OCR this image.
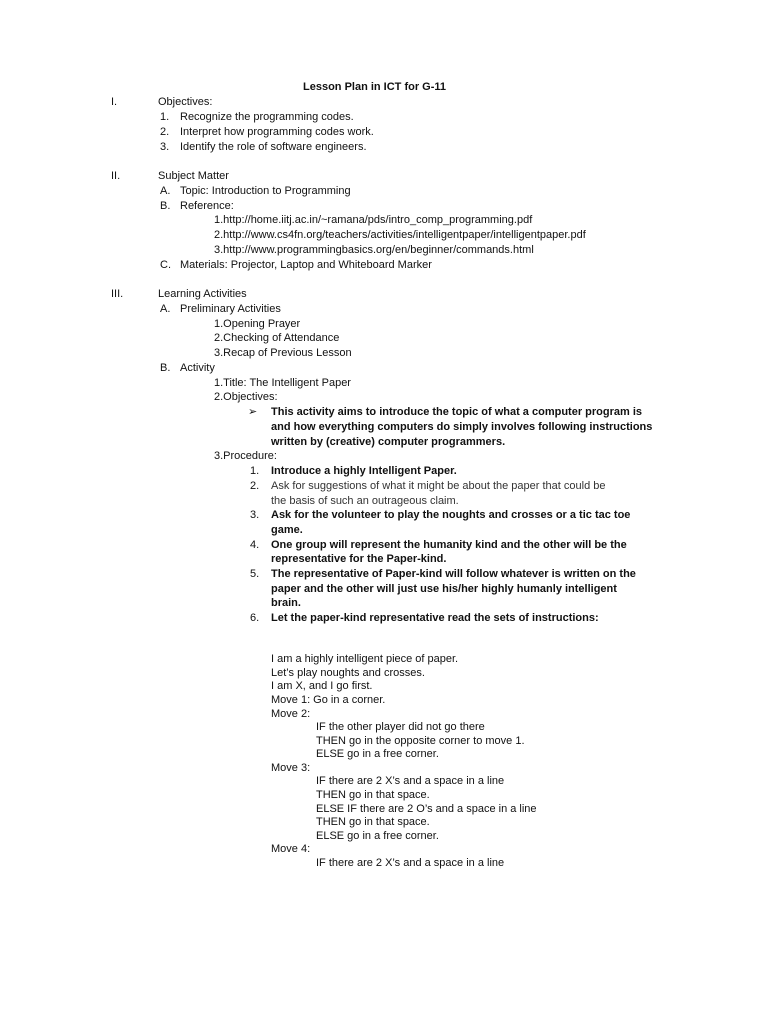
Lesson Plan in ICT for G-11
I.	Objectives:
1. Recognize the programming codes.
2. Interpret how programming codes work.
3. Identify the role of software engineers.
II.	Subject Matter
A. Topic: Introduction to Programming
B. Reference:
1.http://home.iitj.ac.in/~ramana/pds/intro_comp_programming.pdf
2.http://www.cs4fn.org/teachers/activities/intelligentpaper/intelligentpaper.pdf
3.http://www.programmingbasics.org/en/beginner/commands.html
C. Materials: Projector, Laptop and Whiteboard Marker
III.	Learning Activities
A. Preliminary Activities
1.Opening Prayer
2.Checking of Attendance
3.Recap of Previous Lesson
B. Activity
1.Title: The Intelligent Paper
2.Objectives:
➢ This activity aims to introduce the topic of what a computer program is
and how everything computers do simply involves following instructions
written by (creative) computer programmers.
3.Procedure:
1. Introduce a highly Intelligent Paper.
2. Ask for suggestions of what it might be about the paper that could be
the basis of such an outrageous claim.
3. Ask for the volunteer to play the noughts and crosses or a tic tac toe
game.
4. One group will represent the humanity kind and the other will be the
representative for the Paper-kind.
5. The representative of Paper-kind will follow whatever is written on the
paper and the other will just use his/her highly humanly intelligent
brain.
6. Let the paper-kind representative read the sets of instructions:
I am a highly intelligent piece of paper.
Let’s play noughts and crosses.
I am X, and I go first.
Move 1: Go in a corner.
Move 2:
IF the other player did not go there
THEN go in the opposite corner to move 1.
ELSE go in a free corner.
Move 3:
IF there are 2 X’s and a space in a line
THEN go in that space.
ELSE IF there are 2 O’s and a space in a line
THEN go in that space.
ELSE go in a free corner.
Move 4:
IF there are 2 X’s and a space in a line
